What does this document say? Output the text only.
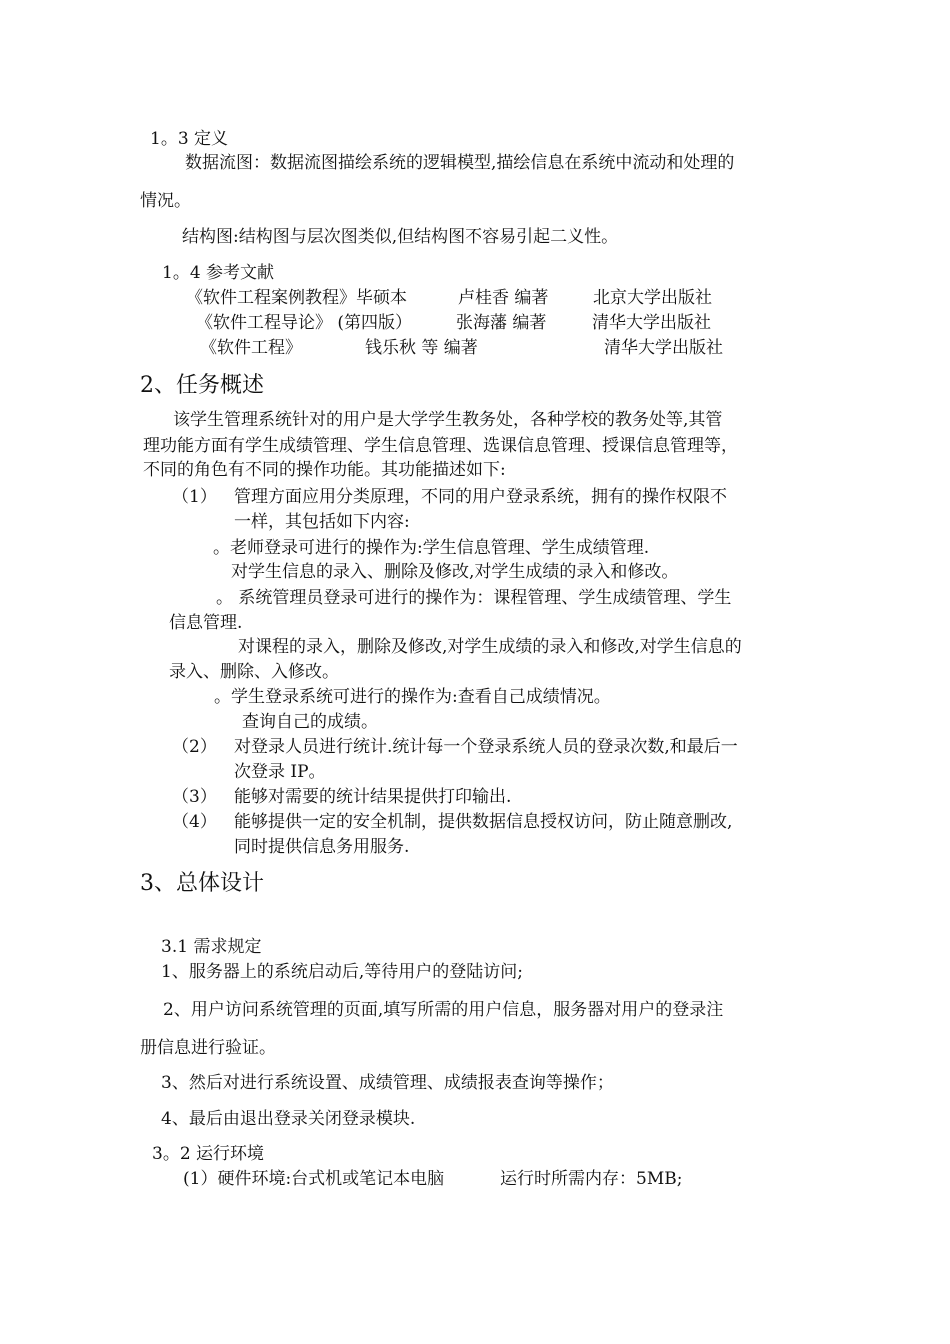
1。3 定义
数据流图：数据流图描绘系统的逻辑模型,描绘信息在系统中流动和处理的
情况。
结构图:结构图与层次图类似,但结构图不容易引起二义性。
1。4 参考文献
《软件工程案例教程》毕硕本	卢桂香 编著	北京大学出版社
《软件工程导论》 (第四版）	张海藩 编著	清华大学出版社
《软件工程》	钱乐秋 等 编著	清华大学出版社
2、任务概述
该学生管理系统针对的用户是大学学生教务处，各种学校的教务处等,其管
理功能方面有学生成绩管理、学生信息管理、选课信息管理、授课信息管理等，
不同的角色有不同的操作功能。其功能描述如下:
（1） 管理方面应用分类原理，不同的用户登录系统，拥有的操作权限不
一样，其包括如下内容:
。老师登录可进行的操作为:学生信息管理、学生成绩管理.
对学生信息的录入、删除及修改,对学生成绩的录入和修改。
。 系统管理员登录可进行的操作为：课程管理、学生成绩管理、学生
信息管理.
对课程的录入，删除及修改,对学生成绩的录入和修改,对学生信息的
录入、删除、入修改。
。学生登录系统可进行的操作为:查看自己成绩情况。
查询自己的成绩。
（2） 对登录人员进行统计.统计每一个登录系统人员的登录次数,和最后一
次登录 IP。
（3） 能够对需要的统计结果提供打印输出.
（4） 能够提供一定的安全机制，提供数据信息授权访问，防止随意删改,
同时提供信息务用服务.
3、总体设计
3.1 需求规定
1、服务器上的系统启动后,等待用户的登陆访问;
2、用户访问系统管理的页面,填写所需的用户信息，服务器对用户的登录注
册信息进行验证。
3、然后对进行系统设置、成绩管理、成绩报表查询等操作；
4、最后由退出登录关闭登录模块.
3。2 运行环境
(1）硬件环境:台式机或笔记本电脑	运行时所需内存：5MB;
